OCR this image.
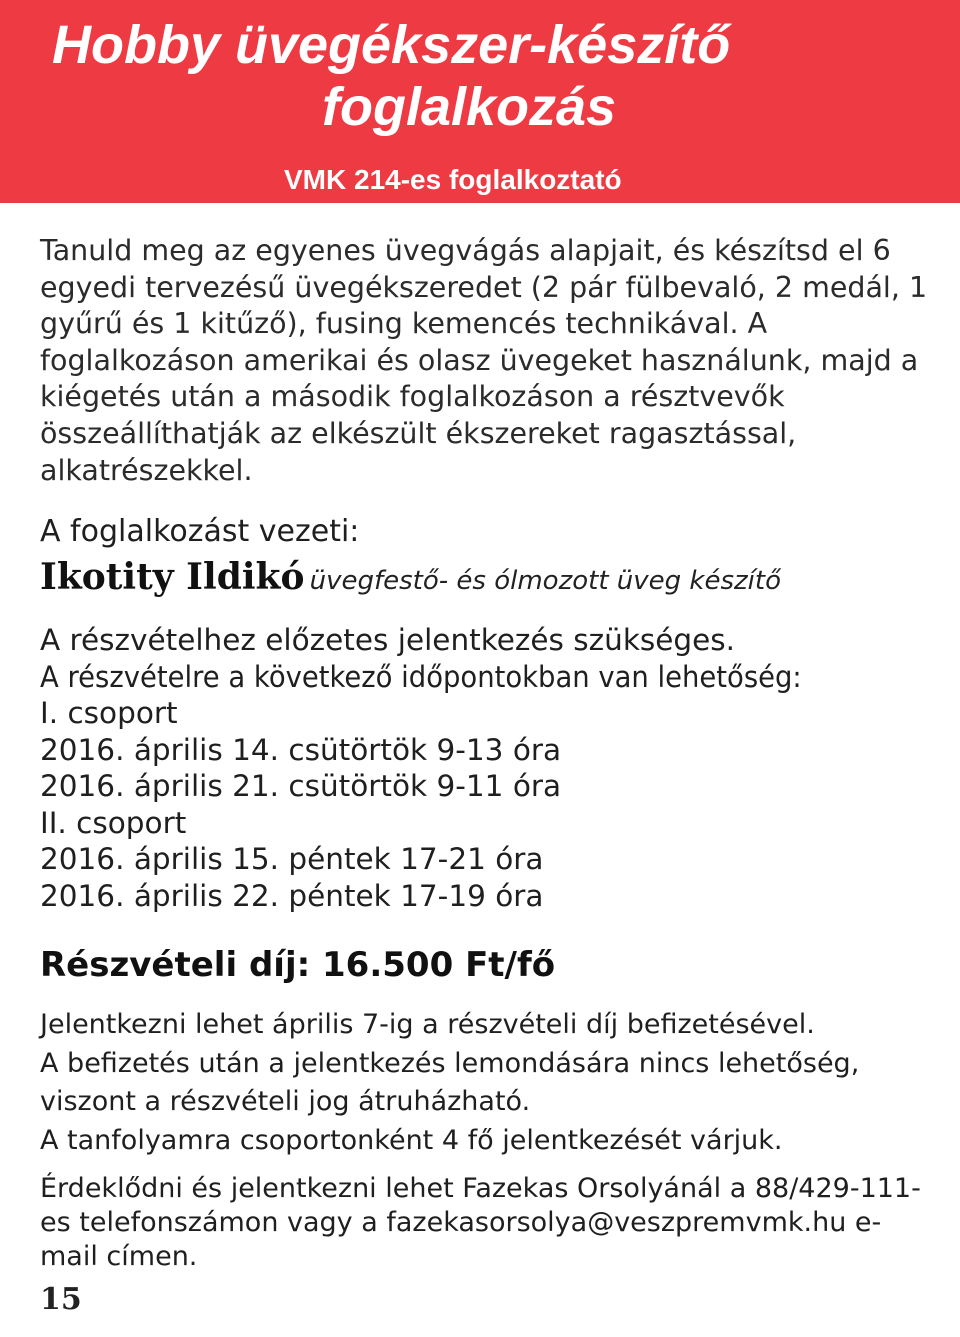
Hobby üvegékszer-készítő
foglalkozás
VMK 214-es foglalkoztató

Tanuld meg az egyenes üvegvágás alapjait, és készítsd el 6 egyedi tervezésű üvegékszeredet (2 pár fülbevaló, 2 medál, 1 gyűrű és 1 kitűző), fusing kemencés technikával. A foglalkozáson amerikai és olasz üvegeket használunk, majd a kiégetés után a második foglalkozáson a résztvevők összeállíthatják az elkészült ékszereket ragasztással, alkatrészekkel.

A foglalkozást vezeti:

Ikotity Ildikó üvegfestő- és ólmozott üveg készítő

A részvételhez előzetes jelentkezés szükséges.

A részvételre a következő időpontokban van lehetőség:

I. csoport

2016. április 14. csütörtök 9-13 óra

2016. április 21. csütörtök 9-11 óra

II. csoport

2016. április 15. péntek 17-21 óra

2016. április 22. péntek 17-19 óra

Részvételi díj: 16.500 Ft/fő

Jelentkezni lehet április 7-ig a részvételi díj befizetésével.

A befizetés után a jelentkezés lemondására nincs lehetőség, viszont a részvételi jog átruházható.

A tanfolyamra csoportonként 4 fő jelentkezését várjuk.

Érdeklődni és jelentkezni lehet Fazekas Orsolyánál a 88/429-111-es telefonszámon vagy a fazekasorsolya@veszpremvmk.hu e-mail címen.

15
